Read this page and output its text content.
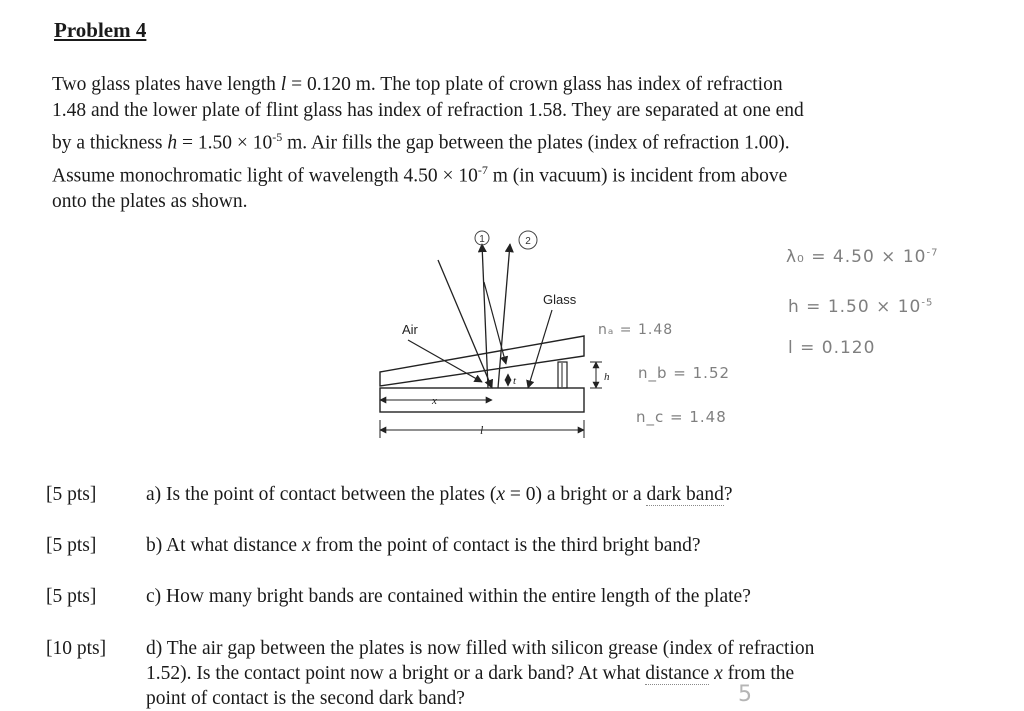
Problem 4
Two glass plates have length l = 0.120 m. The top plate of crown glass has index of refraction
1.48 and the lower plate of flint glass has index of refraction 1.58. They are separated at one end
by a thickness $h = 1.50 \times 10^{-5}$ m. Air fills the gap between the plates (index of refraction 1.00).
Assume monochromatic light of wavelength $4.50 \times 10^{-7}$ m (in vacuum) is incident from above
onto the plates as shown.
1	2
Glass
Air
t	h
x
l
$\lambda_0 = 4.50 \times 10^{-7}$
$h = 1.50 \times 10^{-5}$
l = 0.120
nₐ = 1.48
n_b = 1.52
n_c = 1.48
[5 pts]	a) Is the point of contact between the plates (x = 0) a bright or a dark band?
[5 pts]	b) At what distance x from the point of contact is the third bright band?
[5 pts]	c) How many bright bands are contained within the entire length of the plate?
[10 pts] d) The air gap between the plates is now filled with silicon grease (index of refraction
1.52). Is the contact point now a bright or a dark band? At what distance x from the
point of contact is the second dark band?	5
